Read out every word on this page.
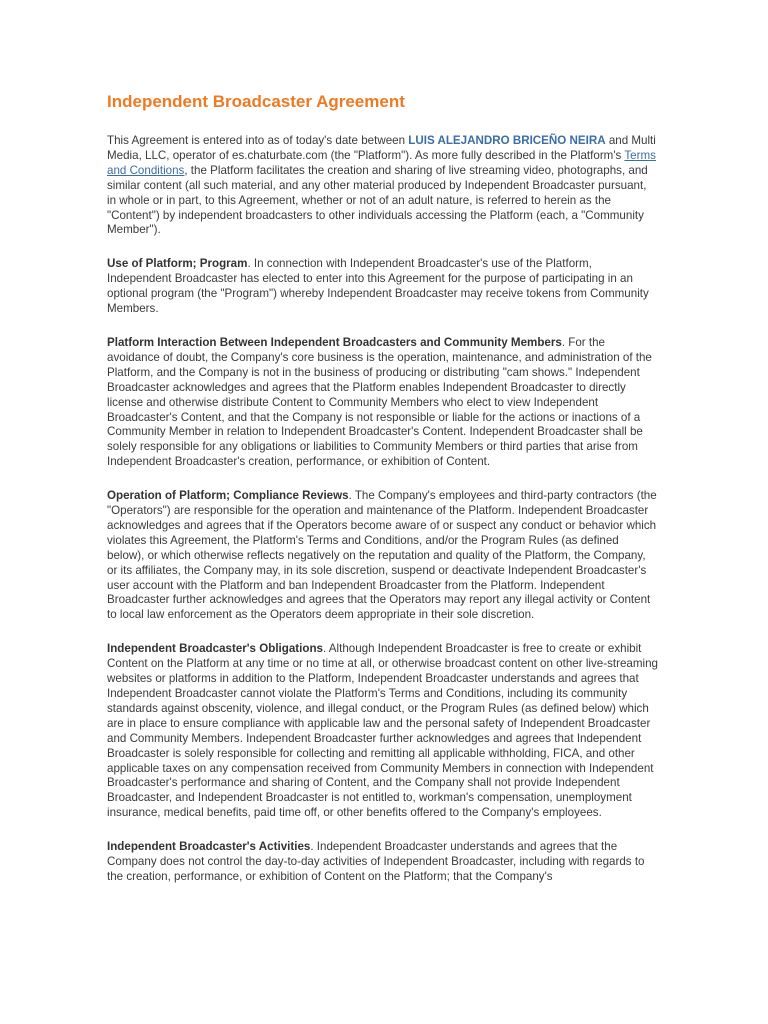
Independent Broadcaster Agreement

This Agreement is entered into as of today's date between LUIS ALEJANDRO BRICEÑO NEIRA and Multi Media, LLC, operator of es.chaturbate.com (the "Platform"). As more fully described in the Platform's Terms and Conditions, the Platform facilitates the creation and sharing of live streaming video, photographs, and similar content (all such material, and any other material produced by Independent Broadcaster pursuant, in whole or in part, to this Agreement, whether or not of an adult nature, is referred to herein as the "Content") by independent broadcasters to other individuals accessing the Platform (each, a "Community Member").

Use of Platform; Program. In connection with Independent Broadcaster's use of the Platform, Independent Broadcaster has elected to enter into this Agreement for the purpose of participating in an optional program (the "Program") whereby Independent Broadcaster may receive tokens from Community Members.

Platform Interaction Between Independent Broadcasters and Community Members. For the avoidance of doubt, the Company's core business is the operation, maintenance, and administration of the Platform, and the Company is not in the business of producing or distributing "cam shows." Independent Broadcaster acknowledges and agrees that the Platform enables Independent Broadcaster to directly license and otherwise distribute Content to Community Members who elect to view Independent Broadcaster's Content, and that the Company is not responsible or liable for the actions or inactions of a Community Member in relation to Independent Broadcaster's Content. Independent Broadcaster shall be solely responsible for any obligations or liabilities to Community Members or third parties that arise from Independent Broadcaster's creation, performance, or exhibition of Content.

Operation of Platform; Compliance Reviews. The Company's employees and third-party contractors (the "Operators") are responsible for the operation and maintenance of the Platform. Independent Broadcaster acknowledges and agrees that if the Operators become aware of or suspect any conduct or behavior which violates this Agreement, the Platform's Terms and Conditions, and/or the Program Rules (as defined below), or which otherwise reflects negatively on the reputation and quality of the Platform, the Company, or its affiliates, the Company may, in its sole discretion, suspend or deactivate Independent Broadcaster's user account with the Platform and ban Independent Broadcaster from the Platform. Independent Broadcaster further acknowledges and agrees that the Operators may report any illegal activity or Content to local law enforcement as the Operators deem appropriate in their sole discretion.

Independent Broadcaster's Obligations. Although Independent Broadcaster is free to create or exhibit Content on the Platform at any time or no time at all, or otherwise broadcast content on other live-streaming websites or platforms in addition to the Platform, Independent Broadcaster understands and agrees that Independent Broadcaster cannot violate the Platform's Terms and Conditions, including its community standards against obscenity, violence, and illegal conduct, or the Program Rules (as defined below) which are in place to ensure compliance with applicable law and the personal safety of Independent Broadcaster and Community Members. Independent Broadcaster further acknowledges and agrees that Independent Broadcaster is solely responsible for collecting and remitting all applicable withholding, FICA, and other applicable taxes on any compensation received from Community Members in connection with Independent Broadcaster's performance and sharing of Content, and the Company shall not provide Independent Broadcaster, and Independent Broadcaster is not entitled to, workman's compensation, unemployment insurance, medical benefits, paid time off, or other benefits offered to the Company's employees.

Independent Broadcaster's Activities. Independent Broadcaster understands and agrees that the Company does not control the day-to-day activities of Independent Broadcaster, including with regards to the creation, performance, or exhibition of Content on the Platform; that the Company's
